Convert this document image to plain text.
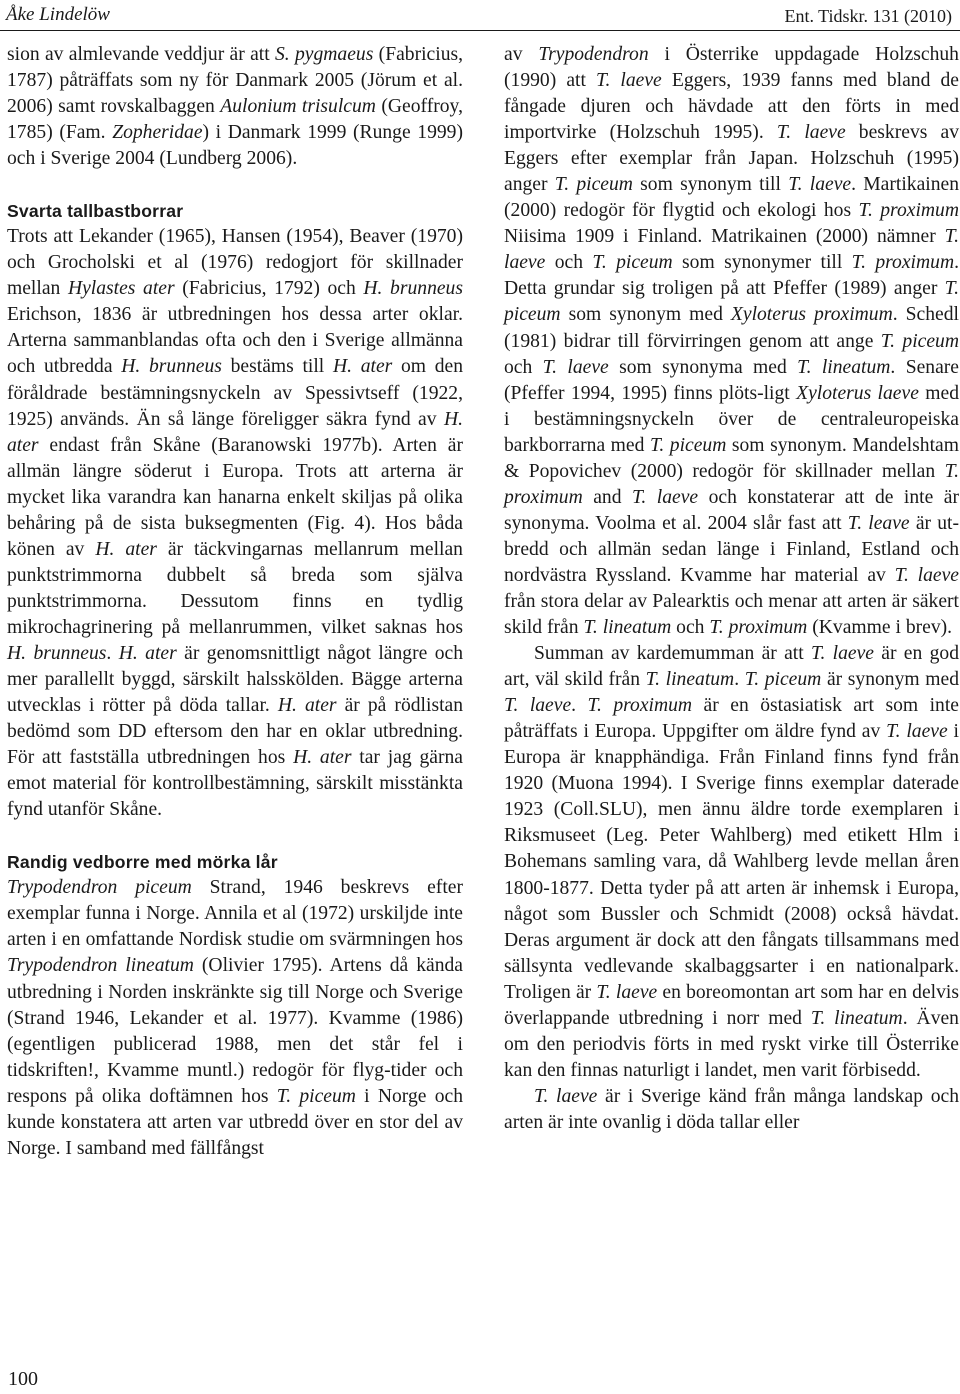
Åke Lindelöw	Ent. Tidskr. 131 (2010)

sion av almlevande veddjur är att S. pygmaeus (Fabricius, 1787) påträffats som ny för Danmark 2005 (Jörum et al. 2006) samt rovskalbaggen Aulonium trisulcum (Geoffroy, 1785) (Fam. Zopheridae) i Danmark 1999 (Runge 1999) och i Sverige 2004 (Lundberg 2006).

Svarta tallbastborrar

Trots att Lekander (1965), Hansen (1954), Beaver (1970) och Grocholski et al (1976) redogjort för skillnader mellan Hylastes ater (Fabricius, 1792) och H. brunneus Erichson, 1836 är utbredningen hos dessa arter oklar. Arterna sammanblandas ofta och den i Sverige allmänna och utbredda H. brunneus bestäms till H. ater om den föråldrade bestämningsnyckeln av Spessivtseff (1922, 1925) används. Än så länge föreligger säkra fynd av H. ater endast från Skåne (Baranowski 1977b). Arten är allmän längre söderut i Europa. Trots att arterna är mycket lika varandra kan hanarna enkelt skiljas på olika behåring på de sista buksegmenten (Fig. 4). Hos båda könen av H. ater är täckvingarnas mellanrum mellan punktstrimmorna dubbelt så breda som själva punktstrimmorna. Dessutom finns en tydlig mikrochagrinering på mellanrummen, vilket saknas hos H. brunneus. H. ater är genomsnittligt något längre och mer parallellt byggd, särskilt halsskölden. Bägge arterna utvecklas i rötter på döda tallar. H. ater är på rödlistan bedömd som DD eftersom den har en oklar utbredning. För att fastställa utbredningen hos H. ater tar jag gärna emot material för kontrollbestämning, särskilt misstänkta fynd utanför Skåne.

Randig vedborre med mörka lår

Trypodendron piceum Strand, 1946 beskrevs efter exemplar funna i Norge. Annila et al (1972) urskiljde inte arten i en omfattande Nordisk studie om svärmningen hos Trypodendron lineatum (Olivier 1795). Artens då kända utbredning i Norden inskränkte sig till Norge och Sverige (Strand 1946, Lekander et al. 1977). Kvamme (1986) (egentligen publicerad 1988, men det står fel i tidskriften!, Kvamme muntl.) redogör för flyg-tider och respons på olika doftämnen hos T. piceum i Norge och kunde konstatera att arten var utbredd över en stor del av Norge. I samband med fällfångst

av Trypodendron i Österrike uppdagade Holzschuh (1990) att T. laeve Eggers, 1939 fanns med bland de fångade djuren och hävdade att den förts in med importvirke (Holzschuh 1995). T. laeve beskrevs av Eggers efter exemplar från Japan. Holzschuh (1995) anger T. piceum som synonym till T. laeve. Martikainen (2000) redogör för flygtid och ekologi hos T. proximum Niisima 1909 i Finland. Matrikainen (2000) nämner T. laeve och T. piceum som synonymer till T. proximum. Detta grundar sig troligen på att Pfeffer (1989) anger T. piceum som synonym med Xyloterus proximum. Schedl (1981) bidrar till förvirringen genom att ange T. piceum och T. laeve som synonyma med T. lineatum. Senare (Pfeffer 1994, 1995) finns plöts-ligt Xyloterus laeve med i bestämningsnyckeln över de centraleuropeiska barkborrarna med T. piceum som synonym. Mandelshtam & Popovichev (2000) redogör för skillnader mellan T. proximum and T. laeve och konstaterar att de inte är synonyma. Voolma et al. 2004 slår fast att T. leave är utbredd och allmän sedan länge i Finland, Estland och nordvästra Ryssland. Kvamme har material av T. laeve från stora delar av Palearktis och menar att arten är säkert skild från T. lineatum och T. proximum (Kvamme i brev).

Summan av kardemumman är att T. laeve är en god art, väl skild från T. lineatum. T. piceum är synonym med T. laeve. T. proximum är en östasiatisk art som inte påträffats i Europa. Uppgifter om äldre fynd av T. laeve i Europa är knapphändiga. Från Finland finns fynd från 1920 (Muona 1994). I Sverige finns exemplar daterade 1923 (Coll.SLU), men ännu äldre torde exemplaren i Riksmuseet (Leg. Peter Wahlberg) med etikett Hlm i Bohemans samling vara, då Wahlberg levde mellan åren 1800-1877. Detta tyder på att arten är inhemsk i Europa, något som Bussler och Schmidt (2008) också hävdat. Deras argument är dock att den fångats tillsammans med sällsynta vedlevande skalbaggsarter i en nationalpark. Troligen är T. laeve en boreomontan art som har en delvis överlappande utbredning i norr med T. lineatum. Även om den periodvis förts in med ryskt virke till Österrike kan den finnas naturligt i landet, men varit förbisedd.

T. laeve är i Sverige känd från många landskap och arten är inte ovanlig i döda tallar eller

100
